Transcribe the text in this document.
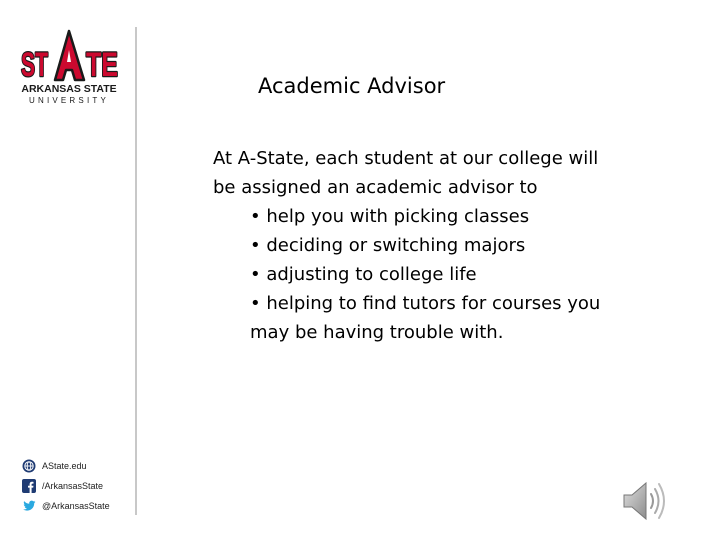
ST TE
ARKANSAS STATE
UNIVERSITY
Academic Advisor
At A-State, each student at our college will
be assigned an academic advisor to
• help you with picking classes
• deciding or switching majors
• adjusting to college life
• helping to find tutors for courses you
may be having trouble with.
AState.edu
/ArkansasState
@ArkansasState
